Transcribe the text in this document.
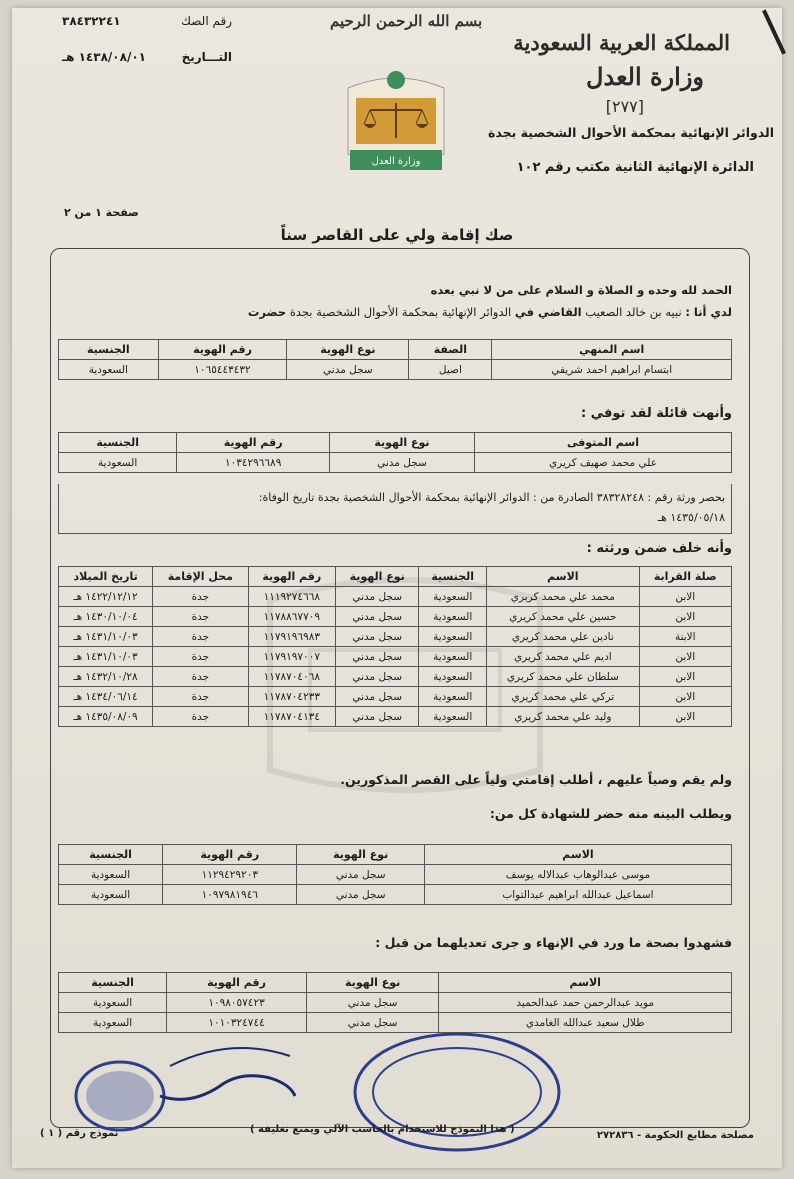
المملكة العربية السعودية
وزارة العدل
[٢٧٧]
الدوائر الإنهائية بمحكمة الأحوال الشخصية بجدة
الدائرة الإنهائية الثانية مكتب رقم ١٠٢
بسم الله الرحمن الرحيم
رقم الصك
٣٨٤٣٢٢٤١
التـــاريخ
١٤٣٨/٠٨/٠١ هـ
وزارة العدل
صفحة ١ من ٢
صك إقامة ولي على القاصر سناً
الحمد لله وحده و الصلاة و السلام على من لا نبي بعده
لدي أنا : نبيه بن خالد الصعيب القاضي في الدوائر الإنهائية بمحكمة الأحوال الشخصية بجدة حضرت
اسم المنهي	الصفة	نوع الهوية	رقم الهوية	الجنسية
ابتسام ابراهيم احمد شريفي	اصيل	سجل مدني	١٠٦٥٤٤٣٤٣٢	السعودية
وأنهت قائلة لقد توفي :
اسم المتوفى	نوع الهوية	رقم الهوية	الجنسية
علي محمد صهيف كريري	سجل مدني	١٠٣٤٢٩٦٦٨٩	السعودية
بحصر ورثة رقم : ٣٨٣٢٨٢٤٨ الصادرة من : الدوائر الإنهائية بمحكمة الأحوال الشخصية بجدة تاريخ الوفاة:
١٤٣٥/٠٥/١٨ هـ
وأنه خلف ضمن ورثته :
صلة القرابة	الاسم	الجنسية	نوع الهوية	رقم الهوية	محل الإقامة	تاريخ الميلاد
الابن	محمد علي محمد كريري	السعودية	سجل مدني	١١١٩٢٧٤٦٦٨	جدة	١٤٢٢/١٢/١٢ هـ
الابن	حسين علي محمد كريري	السعودية	سجل مدني	١١٧٨٨٦٧٧٠٩	جدة	١٤٣٠/١٠/٠٤ هـ
الابنة	نادين علي محمد كريري	السعودية	سجل مدني	١١٧٩١٩٦٩٨٣	جدة	١٤٣١/١٠/٠٣ هـ
الابن	اديم علي محمد كريري	السعودية	سجل مدني	١١٧٩١٩٧٠٠٧	جدة	١٤٣١/١٠/٠٣ هـ
الابن	سلطان علي محمد كريري	السعودية	سجل مدني	١١٧٨٧٠٤٠٦٨	جدة	١٤٣٢/١٠/٢٨ هـ
الابن	تركي علي محمد كريري	السعودية	سجل مدني	١١٧٨٧٠٤٢٣٣	جدة	١٤٣٤/٠٦/١٤ هـ
الابن	وليد علي محمد كريري	السعودية	سجل مدني	١١٧٨٧٠٤١٣٤	جدة	١٤٣٥/٠٨/٠٩ هـ
ولم يقم وصياً عليهم ، أطلب إقامتي ولياً على القصر المذكورين.
ويطلب البينه منه حضر للشهادة كل من:
الاسم	نوع الهوية	رقم الهوية	الجنسية
موسى عبدالوهاب عبدالاله يوسف	سجل مدني	١١٢٩٤٢٩٢٠٣	السعودية
اسماعيل عبدالله ابراهيم عبدالتواب	سجل مدني	١٠٩٧٩٨١٩٤٦	السعودية
فشهدوا بصحة ما ورد في الإنهاء و جرى تعديلهما من قبل :
الاسم	نوع الهوية	رقم الهوية	الجنسية
مويد عبدالرحمن حمد عبدالحميد	سجل مدني	١٠٩٨٠٥٧٤٢٣	السعودية
طلال سعيد عبدالله الغامدي	سجل مدني	١٠١٠٣٢٤٧٤٤	السعودية
مصلحة مطابع الحكومة - ٢٧٢٨٣٦
( هذا النموذج للاستخدام بالحاسب الآلي ويمنع تغليفه )
نموذج رقم ( ١ )
